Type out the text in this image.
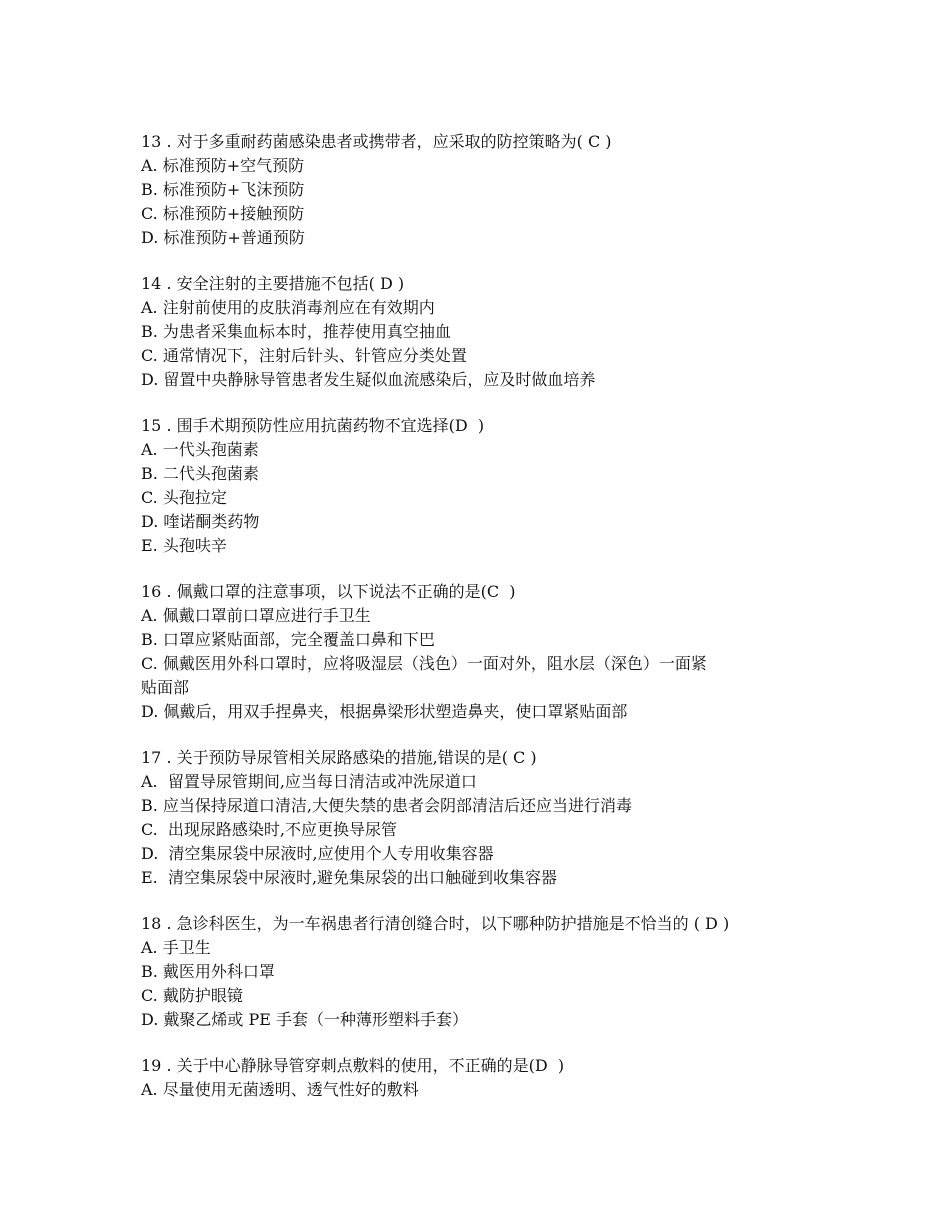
13 . 对于多重耐药菌感染患者或携带者，应采取的防控策略为( C )

A. 标准预防+空气预防

B. 标准预防+飞沫预防

C. 标准预防+接触预防

D. 标准预防+普通预防

14 . 安全注射的主要措施不包括( D )

A. 注射前使用的皮肤消毒剂应在有效期内

B. 为患者采集血标本时，推荐使用真空抽血

C. 通常情况下，注射后针头、针管应分类处置

D. 留置中央静脉导管患者发生疑似血流感染后，应及时做血培养

15 . 围手术期预防性应用抗菌药物不宜选择(D  )

A. 一代头孢菌素

B. 二代头孢菌素

C. 头孢拉定

D. 喹诺酮类药物

E. 头孢呋辛

16 . 佩戴口罩的注意事项，以下说法不正确的是(C  )

A. 佩戴口罩前口罩应进行手卫生

B. 口罩应紧贴面部，完全覆盖口鼻和下巴

C. 佩戴医用外科口罩时，应将吸湿层（浅色）一面对外，阻水层（深色）一面紧

贴面部

D. 佩戴后，用双手捏鼻夹，根据鼻梁形状塑造鼻夹，使口罩紧贴面部

17 . 关于预防导尿管相关尿路感染的措施,错误的是( C )

A.  留置导尿管期间,应当每日清洁或冲洗尿道口

B. 应当保持尿道口清洁,大便失禁的患者会阴部清洁后还应当进行消毒

C.  出现尿路感染时,不应更换导尿管

D.  清空集尿袋中尿液时,应使用个人专用收集容器

E.  清空集尿袋中尿液时,避免集尿袋的出口触碰到收集容器

18 . 急诊科医生，为一车祸患者行清创缝合时，以下哪种防护措施是不恰当的 ( D )

A. 手卫生

B. 戴医用外科口罩

C. 戴防护眼镜

D. 戴聚乙烯或 PE 手套（一种薄形塑料手套）

19 . 关于中心静脉导管穿刺点敷料的使用，不正确的是(D  )

A. 尽量使用无菌透明、透气性好的敷料
